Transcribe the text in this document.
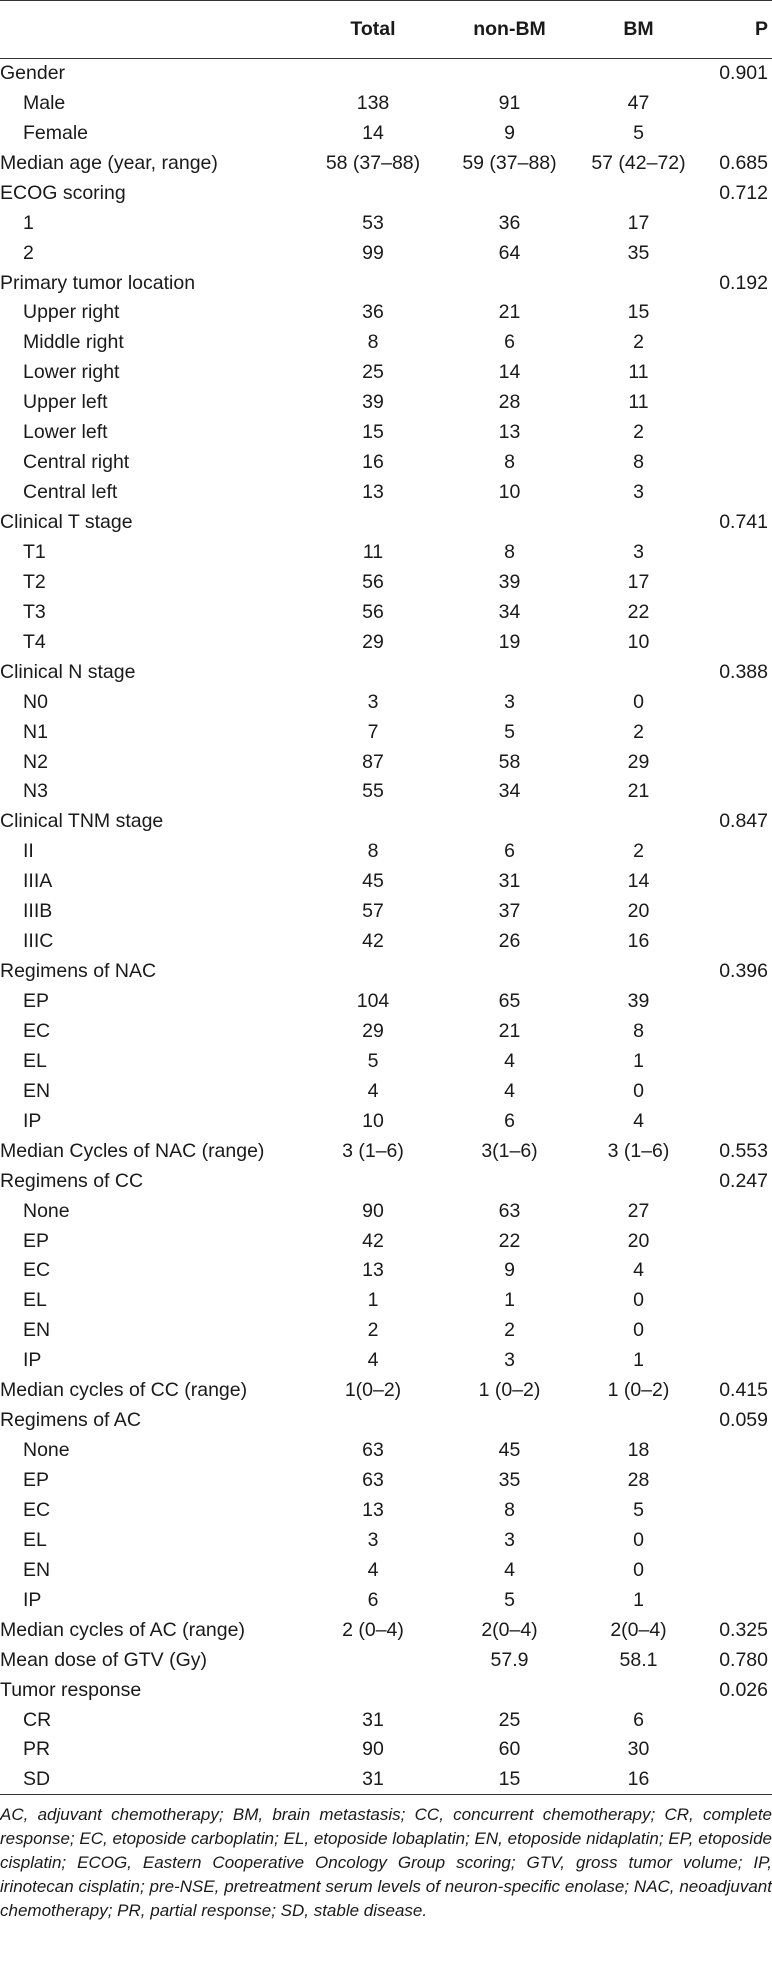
	Total	non-BM	BM	P
Gender				0.901
Male	138	91	47	
Female	14	9	5	
Median age (year, range)	58 (37–88)	59 (37–88)	57 (42–72)	0.685
ECOG scoring				0.712
1	53	36	17	
2	99	64	35	
Primary tumor location				0.192
Upper right	36	21	15	
Middle right	8	6	2	
Lower right	25	14	11	
Upper left	39	28	11	
Lower left	15	13	2	
Central right	16	8	8	
Central left	13	10	3	
Clinical T stage				0.741
T1	11	8	3	
T2	56	39	17	
T3	56	34	22	
T4	29	19	10	
Clinical N stage				0.388
N0	3	3	0	
N1	7	5	2	
N2	87	58	29	
N3	55	34	21	
Clinical TNM stage				0.847
II	8	6	2	
IIIA	45	31	14	
IIIB	57	37	20	
IIIC	42	26	16	
Regimens of NAC				0.396
EP	104	65	39	
EC	29	21	8	
EL	5	4	1	
EN	4	4	0	
IP	10	6	4	
Median Cycles of NAC (range)	3 (1–6)	3(1–6)	3 (1–6)	0.553
Regimens of CC				0.247
None	90	63	27	
EP	42	22	20	
EC	13	9	4	
EL	1	1	0	
EN	2	2	0	
IP	4	3	1	
Median cycles of CC (range)	1(0–2)	1 (0–2)	1 (0–2)	0.415
Regimens of AC				0.059
None	63	45	18	
EP	63	35	28	
EC	13	8	5	
EL	3	3	0	
EN	4	4	0	
IP	6	5	1	
Median cycles of AC (range)	2 (0–4)	2(0–4)	2(0–4)	0.325
Mean dose of GTV (Gy)		57.9	58.1	0.780
Tumor response				0.026
CR	31	25	6	
PR	90	60	30	
SD	31	15	16	

AC, adjuvant chemotherapy; BM, brain metastasis; CC, concurrent chemotherapy; CR, complete response; EC, etoposide carboplatin; EL, etoposide lobaplatin; EN, etoposide nidaplatin; EP, etoposide cisplatin; ECOG, Eastern Cooperative Oncology Group scoring; GTV, gross tumor volume; IP, irinotecan cisplatin; pre-NSE, pretreatment serum levels of neuron-specific enolase; NAC, neoadjuvant chemotherapy; PR, partial response; SD, stable disease.
